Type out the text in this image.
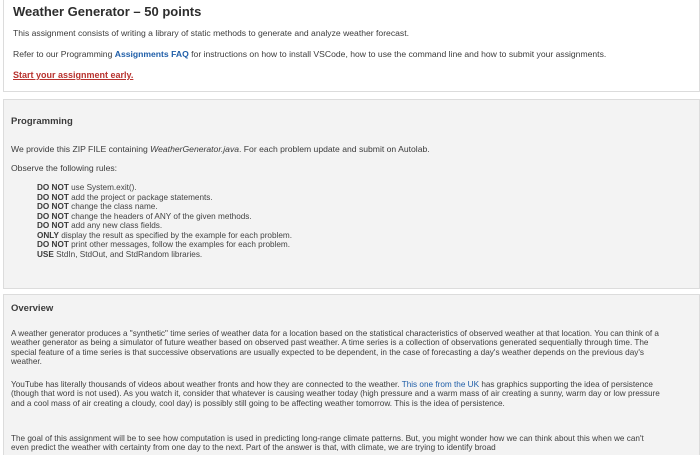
Weather Generator – 50 points
This assignment consists of writing a library of static methods to generate and analyze weather forecast.
Refer to our Programming Assignments FAQ for instructions on how to install VSCode, how to use the command line and how to submit your assignments.
Start your assignment early.
Programming
We provide this ZIP FILE containing WeatherGenerator.java. For each problem update and submit on Autolab.
Observe the following rules:
DO NOT use System.exit().
DO NOT add the project or package statements.
DO NOT change the class name.
DO NOT change the headers of ANY of the given methods.
DO NOT add any new class fields.
ONLY display the result as specified by the example for each problem.
DO NOT print other messages, follow the examples for each problem.
USE StdIn, StdOut, and StdRandom libraries.
Overview
A weather generator produces a "synthetic" time series of weather data for a location based on the statistical characteristics of observed weather at that location. You can think of a weather generator as being a simulator of future weather based on observed past weather. A time series is a collection of observations generated sequentially through time. The special feature of a time series is that successive observations are usually expected to be dependent, in the case of forecasting a day's weather depends on the previous day's weather.
YouTube has literally thousands of videos about weather fronts and how they are connected to the weather. This one from the UK has graphics supporting the idea of persistence (though that word is not used). As you watch it, consider that whatever is causing weather today (high pressure and a warm mass of air creating a sunny, warm day or low pressure and a cool mass of air creating a cloudy, cool day) is possibly still going to be affecting weather tomorrow. This is the idea of persistence.
The goal of this assignment will be to see how computation is used in predicting long-range climate patterns. But, you might wonder how we can think about this when we can't even predict the weather with certainty from one day to the next. Part of the answer is that, with climate, we are trying to identify broad
